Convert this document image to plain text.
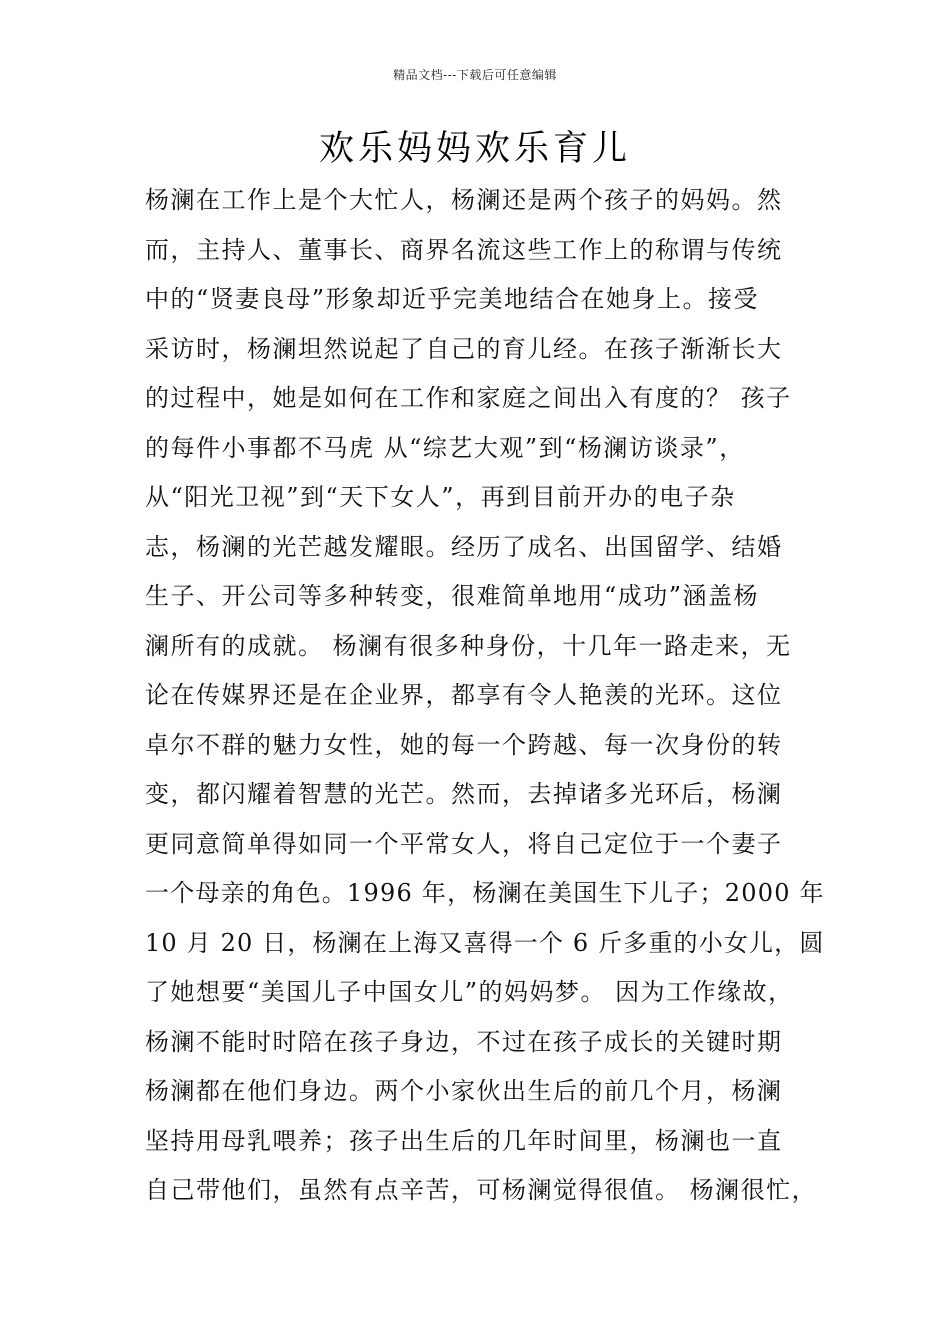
精品文档---下载后可任意编辑
欢乐妈妈欢乐育儿
杨澜在工作上是个大忙人，杨澜还是两个孩子的妈妈。然
而，主持人、董事长、商界名流这些工作上的称谓与传统
中的“贤妻良母”形象却近乎完美地结合在她身上。接受
采访时，杨澜坦然说起了自己的育儿经。在孩子渐渐长大
的过程中，她是如何在工作和家庭之间出入有度的？ 孩子
的每件小事都不马虎 从“综艺大观”到“杨澜访谈录”，
从“阳光卫视”到“天下女人”，再到目前开办的电子杂
志，杨澜的光芒越发耀眼。经历了成名、出国留学、结婚
生子、开公司等多种转变，很难简单地用“成功”涵盖杨
澜所有的成就。 杨澜有很多种身份，十几年一路走来，无
论在传媒界还是在企业界，都享有令人艳羡的光环。这位
卓尔不群的魅力女性，她的每一个跨越、每一次身份的转
变，都闪耀着智慧的光芒。然而，去掉诸多光环后，杨澜
更同意简单得如同一个平常女人，将自己定位于一个妻子
一个母亲的角色。1996 年，杨澜在美国生下儿子；2000 年
10 月 20 日，杨澜在上海又喜得一个 6 斤多重的小女儿，圆
了她想要“美国儿子中国女儿”的妈妈梦。 因为工作缘故，
杨澜不能时时陪在孩子身边，不过在孩子成长的关键时期
杨澜都在他们身边。两个小家伙出生后的前几个月，杨澜
坚持用母乳喂养；孩子出生后的几年时间里，杨澜也一直
自己带他们，虽然有点辛苦，可杨澜觉得很值。 杨澜很忙，
